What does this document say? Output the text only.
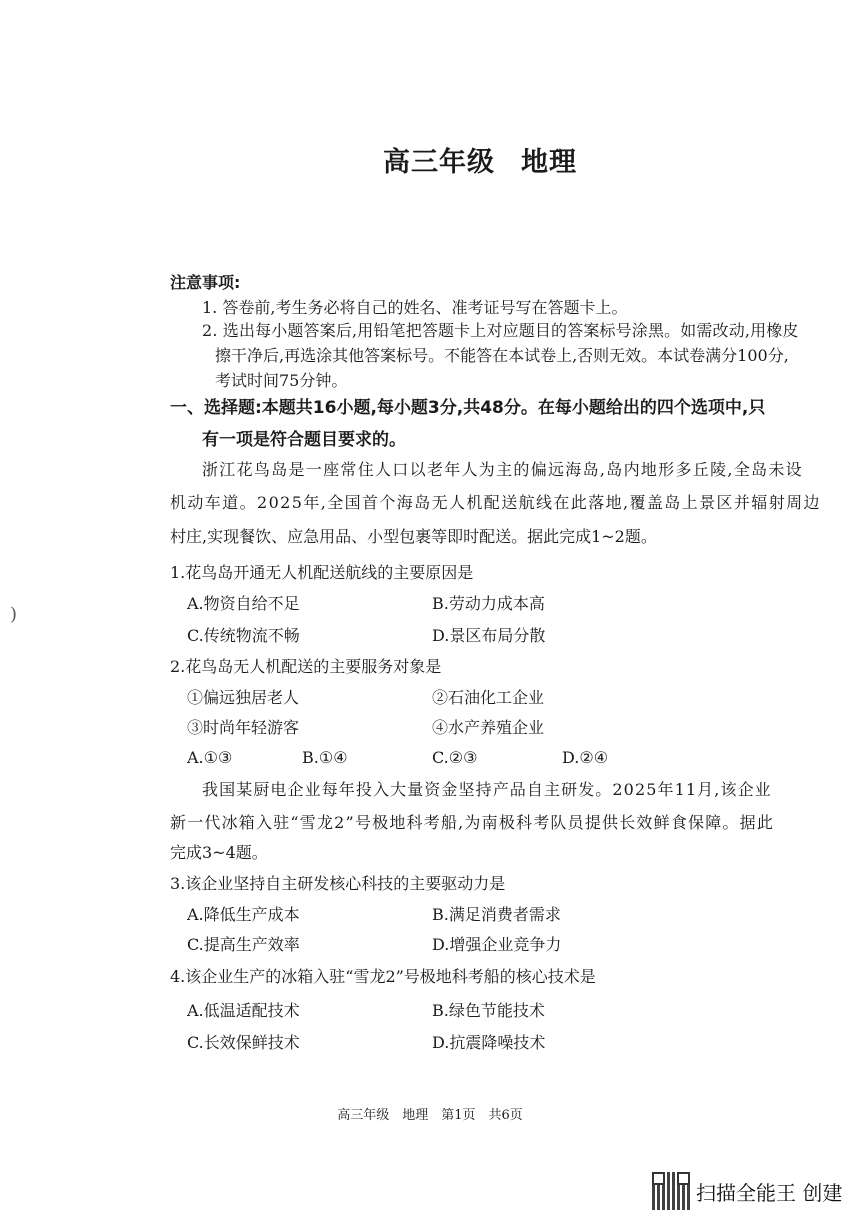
高三年级 地理
注意事项:
1. 答卷前,考生务必将自己的姓名、准考证号写在答题卡上。
2. 选出每小题答案后,用铅笔把答题卡上对应题目的答案标号涂黑。如需改动,用橡皮
擦干净后,再选涂其他答案标号。不能答在本试卷上,否则无效。本试卷满分100分,
考试时间75分钟。
一、选择题:本题共16小题,每小题3分,共48分。在每小题给出的四个选项中,只
有一项是符合题目要求的。
浙江花鸟岛是一座常住人口以老年人为主的偏远海岛,岛内地形多丘陵,全岛未设
机动车道。2025年,全国首个海岛无人机配送航线在此落地,覆盖岛上景区并辐射周边
村庄,实现餐饮、应急用品、小型包裹等即时配送。据此完成1~2题。
1.花鸟岛开通无人机配送航线的主要原因是
A.物资自给不足	B.劳动力成本高
C.传统物流不畅	D.景区布局分散
2.花鸟岛无人机配送的主要服务对象是
①偏远独居老人	②石油化工企业
③时尚年轻游客	④水产养殖企业
A.①③	B.①④	C.②③	D.②④
我国某厨电企业每年投入大量资金坚持产品自主研发。2025年11月,该企业
新一代冰箱入驻“雪龙2”号极地科考船,为南极科考队员提供长效鲜食保障。据此
完成3~4题。
3.该企业坚持自主研发核心科技的主要驱动力是
A.降低生产成本	B.满足消费者需求
C.提高生产效率	D.增强企业竞争力
4.该企业生产的冰箱入驻“雪龙2”号极地科考船的核心技术是
A.低温适配技术	B.绿色节能技术
C.长效保鲜技术	D.抗震降噪技术
高三年级　地理　第1页　共6页
)
扫描全能王 创建
